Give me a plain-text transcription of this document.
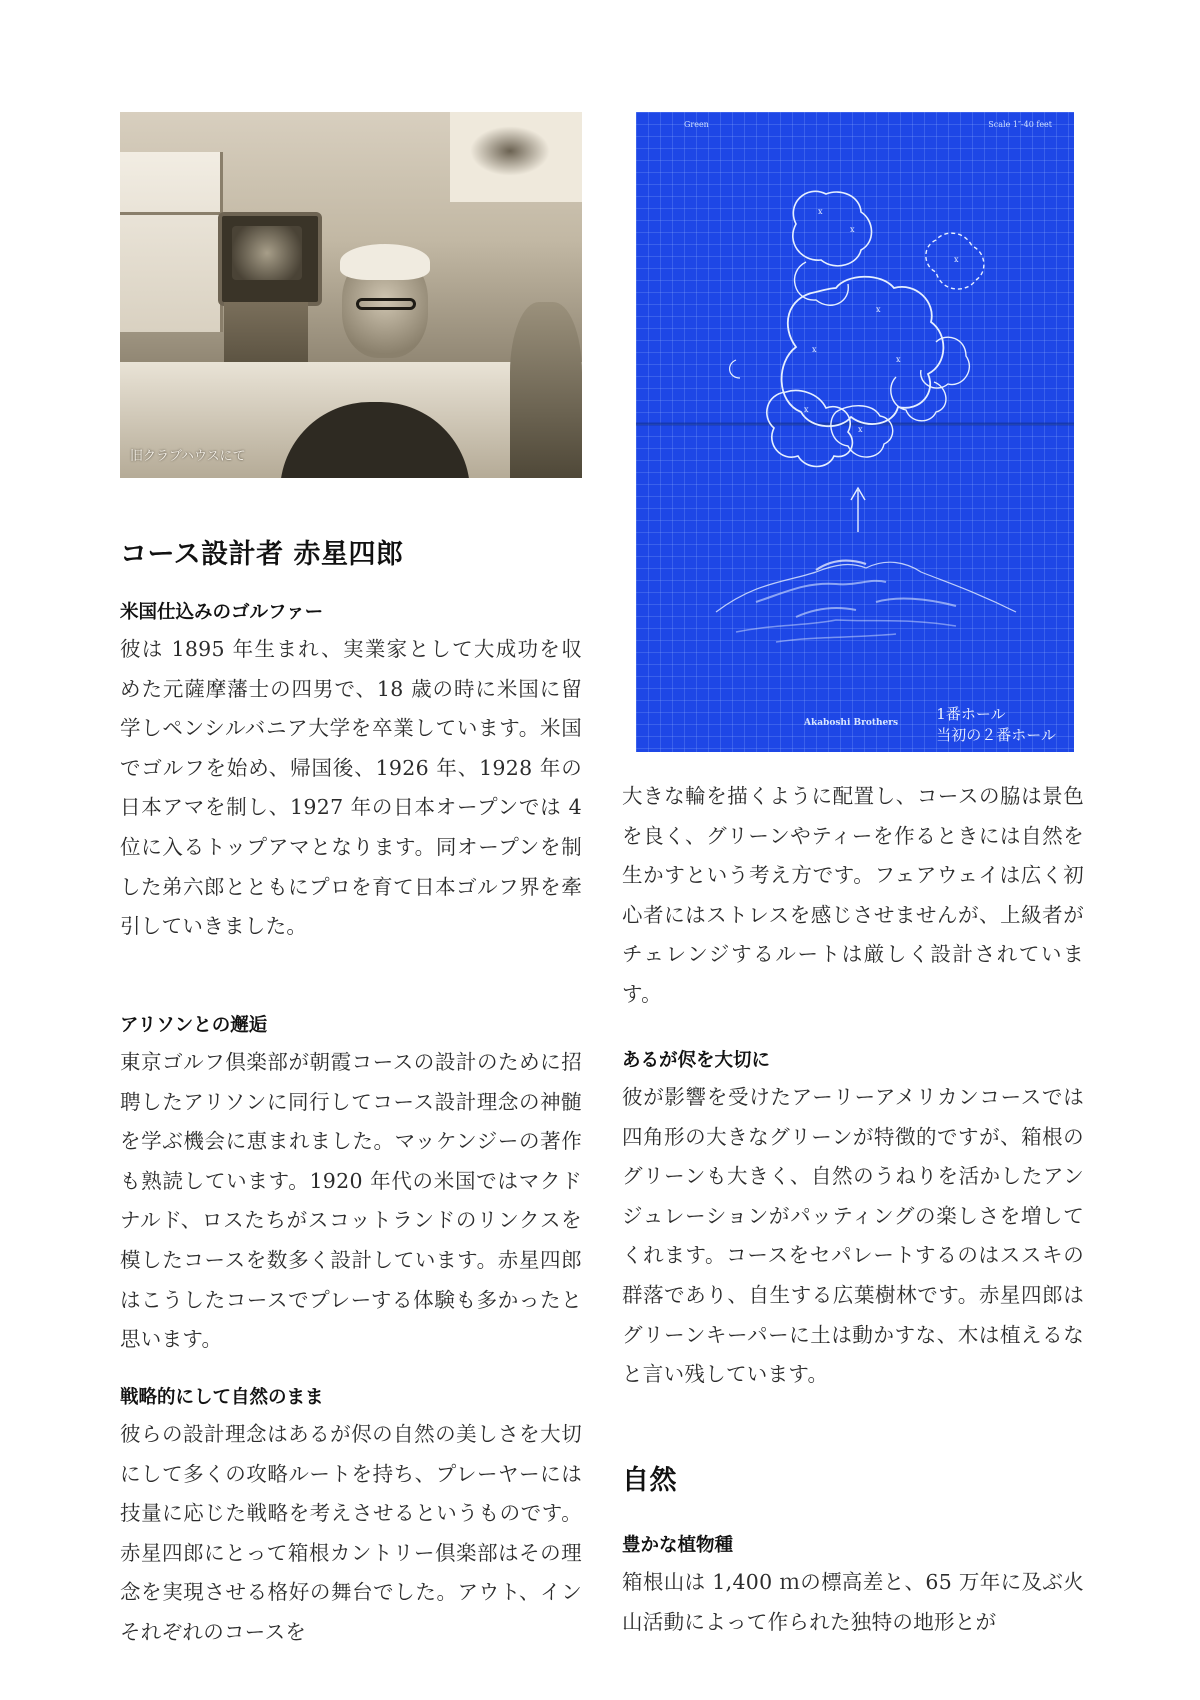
旧クラブハウスにて
Green	Scale 1″-40 feet
x
x
x
x
x
x
x
x
Akaboshi Brothers	1番ホール
当初の２番ホール
コース設計者 赤星四郎
米国仕込みのゴルファー

彼は 1895 年生まれ、実業家として大成功を収めた元薩摩藩士の四男で、18 歳の時に米国に留学しペンシルバニア大学を卒業しています。米国でゴルフを始め、帰国後、1926 年、1928 年の日本アマを制し、1927 年の日本オープンでは 4 位に入るトップアマとなります。同オープンを制した弟六郎とともにプロを育て日本ゴルフ界を牽引していきました。

アリソンとの邂逅

東京ゴルフ倶楽部が朝霞コースの設計のために招聘したアリソンに同行してコース設計理念の神髄を学ぶ機会に恵まれました。マッケンジーの著作も熟読しています。1920 年代の米国ではマクドナルド、ロスたちがスコットランドのリンクスを模したコースを数多く設計しています。赤星四郎はこうしたコースでプレーする体験も多かったと思います。

戦略的にして自然のまま

彼らの設計理念はあるが侭の自然の美しさを大切にして多くの攻略ルートを持ち、プレーヤーには技量に応じた戦略を考えさせるというものです。赤星四郎にとって箱根カントリー倶楽部はその理念を実現させる格好の舞台でした。アウト、インそれぞれのコースを

大きな輪を描くように配置し、コースの脇は景色を良く、グリーンやティーを作るときには自然を生かすという考え方です。フェアウェイは広く初心者にはストレスを感じさせませんが、上級者がチェレンジするルートは厳しく設計されています。

あるが侭を大切に

彼が影響を受けたアーリーアメリカンコースでは四角形の大きなグリーンが特徴的ですが、箱根のグリーンも大きく、自然のうねりを活かしたアンジュレーションがパッティングの楽しさを増してくれます。コースをセパレートするのはススキの群落であり、自生する広葉樹林です。赤星四郎はグリーンキーパーに土は動かすな、木は植えるなと言い残しています。

自然
豊かな植物種

箱根山は 1,400 ｍの標高差と、65 万年に及ぶ火山活動によって作られた独特の地形とが
